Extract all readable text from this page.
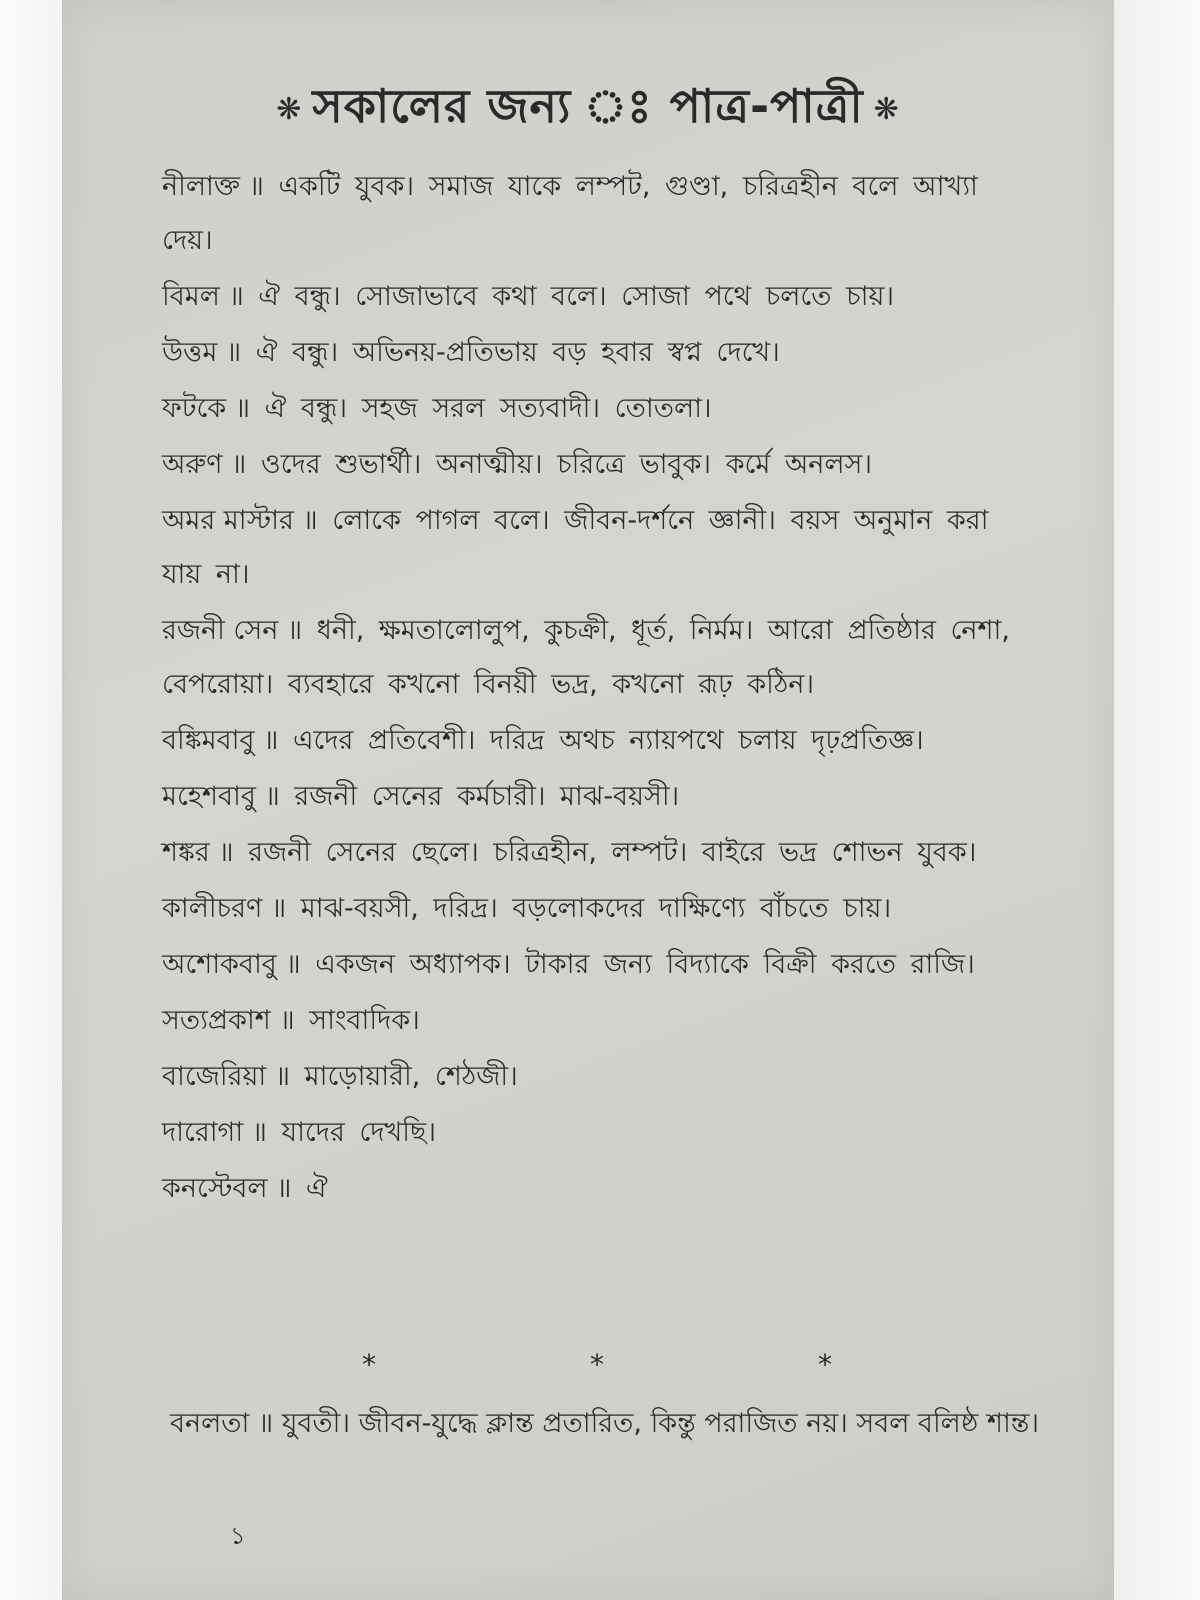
❋ সকালের জন্য ঃ পাত্র-পাত্রী ❋
নীলাক্ত ॥ একটি যুবক। সমাজ যাকে লম্পট, গুণ্ডা, চরিত্রহীন বলে আখ্যা দেয়।
বিমল ॥ ঐ বন্ধু। সোজাভাবে কথা বলে। সোজা পথে চলতে চায়।
উত্তম ॥ ঐ বন্ধু। অভিনয়-প্রতিভায় বড় হবার স্বপ্ন দেখে।
ফটকে ॥ ঐ বন্ধু। সহজ সরল সত্যবাদী। তোতলা।
অরুণ ॥ ওদের শুভার্থী। অনাত্মীয়। চরিত্রে ভাবুক। কর্মে অনলস।
অমর মাস্টার ॥ লোকে পাগল বলে। জীবন-দর্শনে জ্ঞানী। বয়স অনুমান করা যায় না।
রজনী সেন ॥ ধনী, ক্ষমতালোলুপ, কুচক্রী, ধূর্ত, নির্মম। আরো প্রতিষ্ঠার নেশা, বেপরোয়া। ব্যবহারে কখনো বিনয়ী ভদ্র, কখনো রূঢ় কঠিন।
বঙ্কিমবাবু ॥ এদের প্রতিবেশী। দরিদ্র অথচ ন্যায়পথে চলায় দৃঢ়প্রতিজ্ঞ।
মহেশবাবু ॥ রজনী সেনের কর্মচারী। মাঝ-বয়সী।
শঙ্কর ॥ রজনী সেনের ছেলে। চরিত্রহীন, লম্পট। বাইরে ভদ্র শোভন যুবক।
কালীচরণ ॥ মাঝ-বয়সী, দরিদ্র। বড়লোকদের দাক্ষিণ্যে বাঁচতে চায়।
অশোকবাবু ॥ একজন অধ্যাপক। টাকার জন্য বিদ্যাকে বিক্রী করতে রাজি।
সত্যপ্রকাশ ॥ সাংবাদিক।
বাজেরিয়া ॥ মাড়োয়ারী, শেঠজী।
দারোগা ॥ যাদের দেখছি।
কনস্টেবল ॥ ঐ
*	*	*
বনলতা ॥ যুবতী। জীবন-যুদ্ধে ক্লান্ত প্রতারিত, কিন্তু পরাজিত নয়। সবল বলিষ্ঠ শান্ত।
১
